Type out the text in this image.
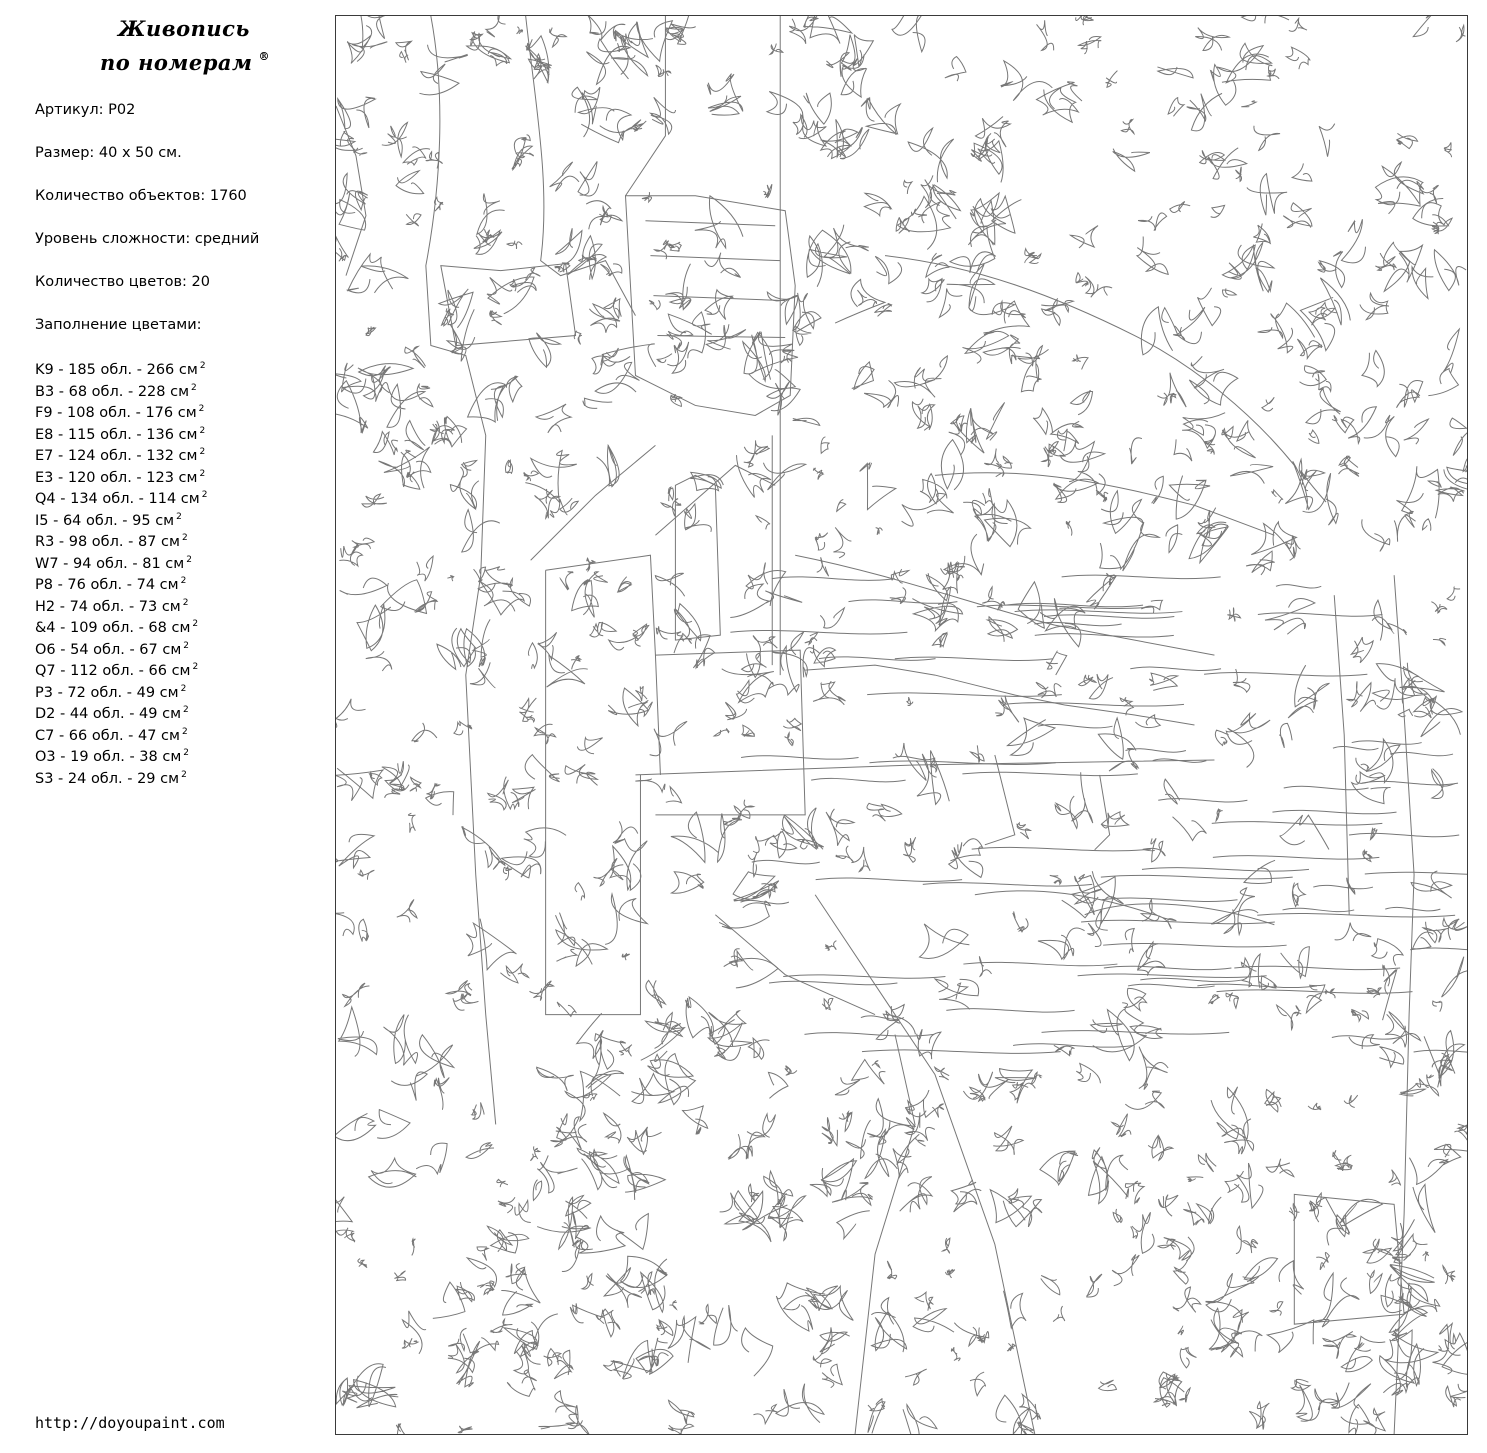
Живопись
по номерам ®
Артикул: P02
Размер: 40 x 50 см.
Количество объектов: 1760
Уровень сложности: средний
Количество цветов: 20
Заполнение цветами:
K9 - 185 обл. - 266 см $^2$
B3 - 68 обл. - 228 см $^2$
F9 - 108 обл. - 176 см $^2$
E8 - 115 обл. - 136 см $^2$
E7 - 124 обл. - 132 см $^2$
E3 - 120 обл. - 123 см $^2$
Q4 - 134 обл. - 114 см $^2$
I5 - 64 обл. - 95 см $^2$
R3 - 98 обл. - 87 см $^2$
W7 - 94 обл. - 81 см $^2$
P8 - 76 обл. - 74 см $^2$
H2 - 74 обл. - 73 см $^2$
&4 - 109 обл. - 68 см $^2$
O6 - 54 обл. - 67 см $^2$
Q7 - 112 обл. - 66 см $^2$
P3 - 72 обл. - 49 см $^2$
D2 - 44 обл. - 49 см $^2$
C7 - 66 обл. - 47 см $^2$
O3 - 19 обл. - 38 см $^2$
S3 - 24 обл. - 29 см $^2$
http://doyoupaint.com
